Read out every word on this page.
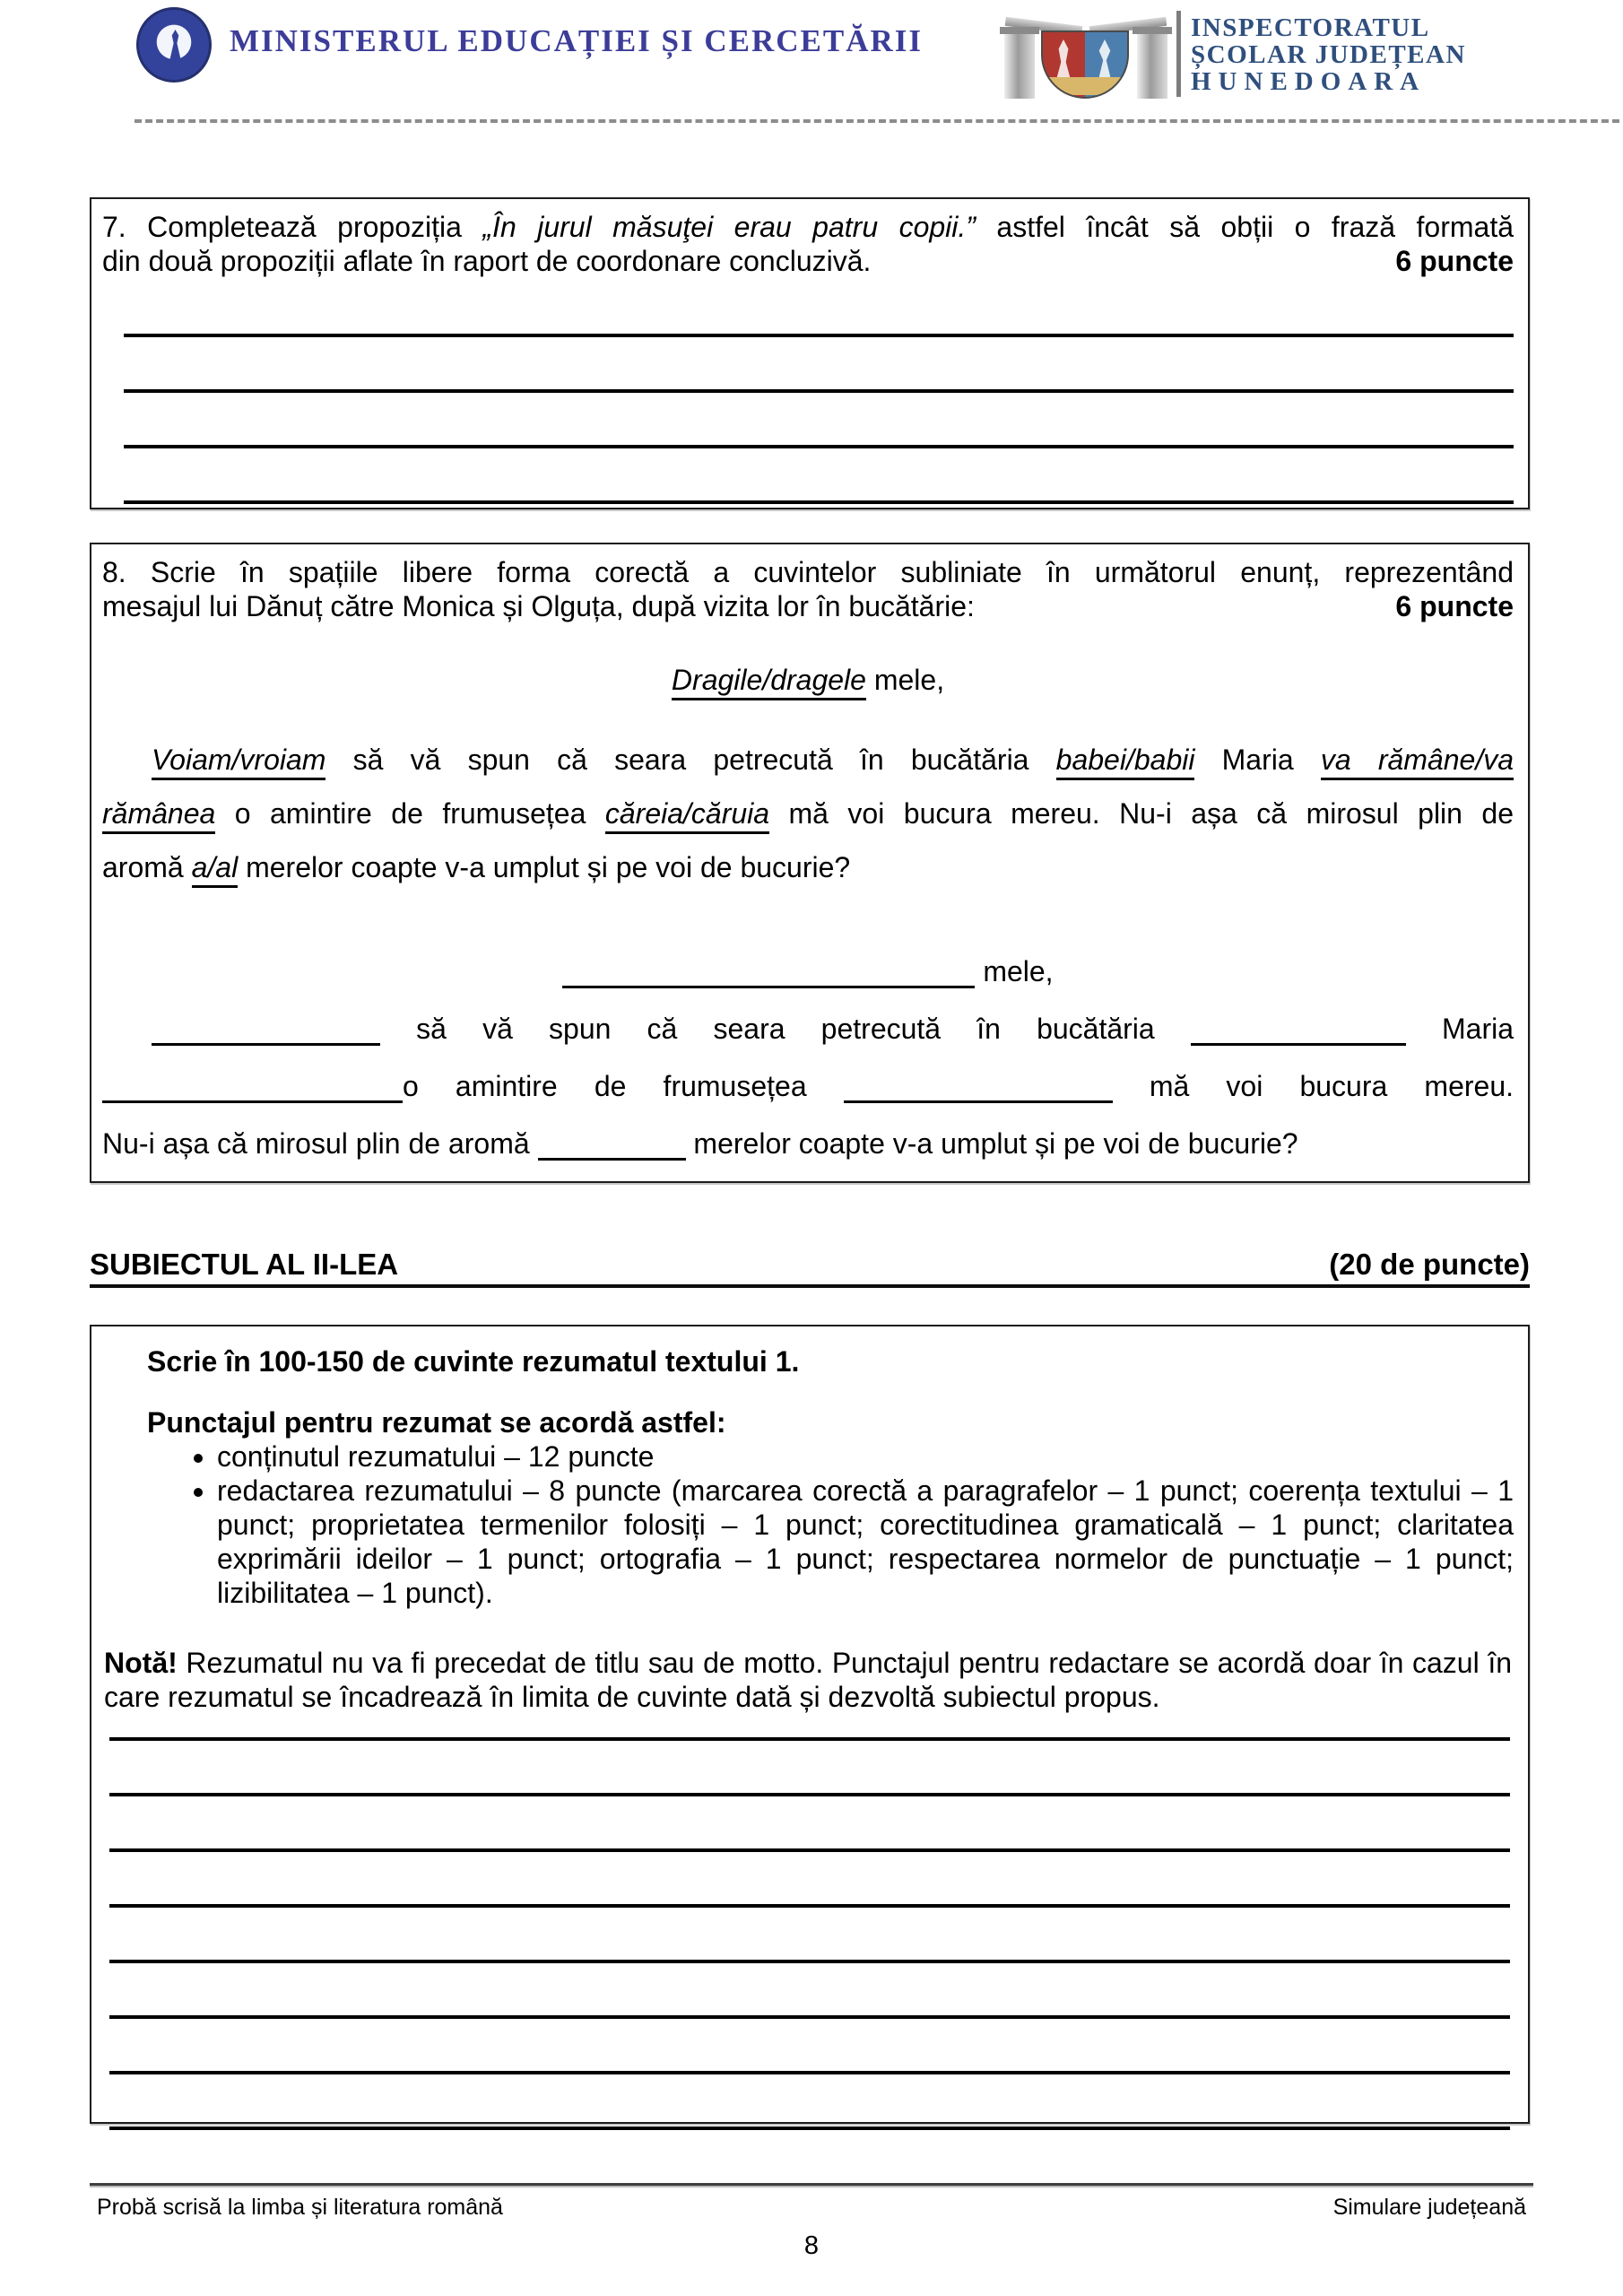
MINISTERUL EDUCAȚIEI ȘI CERCETĂRII	INSPECTORATUL
ȘCOLAR JUDEȚEAN
HUNEDOARA
7. Completează propoziția „În jurul măsuţei erau patru copii.” astfel încât să obții o frază formată
din două propoziții aflate în raport de coordonare concluzivă.	6 puncte
8. Scrie în spațiile libere forma corectă a cuvintelor subliniate în următorul enunț, reprezentând
mesajul lui Dănuț către Monica și Olguța, după vizita lor în bucătărie:	6 puncte
Dragile/dragele mele,
Voiam/vroiam să vă spun că seara petrecută în bucătăria babei/babii Maria va rămâne/va
rămânea o amintire de frumusețea căreia/căruia mă voi bucura mereu. Nu-i așa că mirosul plin de
aromă a/al merelor coapte v-a umplut și pe voi de bucurie?
mele,
să vă spun că seara petrecută în bucătăria	Maria
o amintire de frumusețea	mă voi bucura mereu.
Nu-i așa că mirosul plin de aromă	merelor coapte v-a umplut și pe voi de bucurie?
SUBIECTUL AL II-LEA	(20 de puncte)
Scrie în 100-150 de cuvinte rezumatul textului 1.
Punctajul pentru rezumat se acordă astfel:
• conținutul rezumatului – 12 puncte
• redactarea rezumatului – 8 puncte (marcarea corectă a paragrafelor – 1 punct; coerența textului – 1 punct; proprietatea termenilor folosiți – 1 punct; corectitudinea gramaticală – 1 punct; claritatea exprimării ideilor – 1 punct; ortografia – 1 punct; respectarea normelor de punctuație – 1 punct; lizibilitatea – 1 punct).
Notă! Rezumatul nu va fi precedat de titlu sau de motto. Punctajul pentru redactare se acordă doar în cazul în care rezumatul se încadrează în limita de cuvinte dată și dezvoltă subiectul propus.
Probă scrisă la limba și literatura română	Simulare județeană
8
